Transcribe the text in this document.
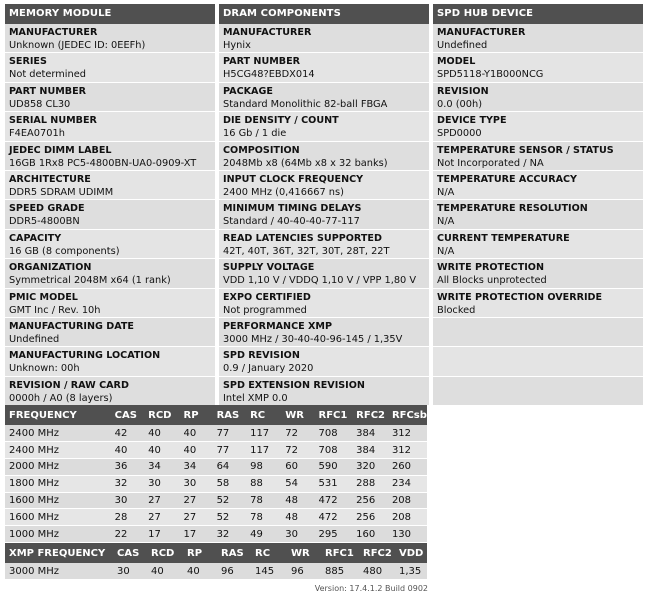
MEMORY MODULE
MANUFACTURER
Unknown (JEDEC ID: 0EEFh)
SERIES
Not determined
PART NUMBER
UD858 CL30
SERIAL NUMBER
F4EA0701h
JEDEC DIMM LABEL
16GB 1Rx8 PC5-4800BN-UA0-0909-XT
ARCHITECTURE
DDR5 SDRAM UDIMM
SPEED GRADE
DDR5-4800BN
CAPACITY
16 GB (8 components)
ORGANIZATION
Symmetrical 2048M x64 (1 rank)
PMIC MODEL
GMT Inc / Rev. 10h
MANUFACTURING DATE
Undefined
MANUFACTURING LOCATION
Unknown: 00h
REVISION / RAW CARD
0000h / A0 (8 layers)
DRAM COMPONENTS
MANUFACTURER
Hynix
PART NUMBER
H5CG48?EBDX014
PACKAGE
Standard Monolithic 82-ball FBGA
DIE DENSITY / COUNT
16 Gb / 1 die
COMPOSITION
2048Mb x8 (64Mb x8 x 32 banks)
INPUT CLOCK FREQUENCY
2400 MHz (0,416667 ns)
MINIMUM TIMING DELAYS
Standard / 40-40-40-77-117
READ LATENCIES SUPPORTED
42T, 40T, 36T, 32T, 30T, 28T, 22T
SUPPLY VOLTAGE
VDD 1,10 V / VDDQ 1,10 V / VPP 1,80 V
EXPO CERTIFIED
Not programmed
PERFORMANCE XMP
3000 MHz / 30-40-40-96-145 / 1,35V
SPD REVISION
0.9 / January 2020
SPD EXTENSION REVISION
Intel XMP 0.0
SPD HUB DEVICE
MANUFACTURER
Undefined
MODEL
SPD5118-Y1B000NCG
REVISION
0.0 (00h)
DEVICE TYPE
SPD0000
TEMPERATURE SENSOR / STATUS
Not Incorporated / NA
TEMPERATURE ACCURACY
N/A
TEMPERATURE RESOLUTION
N/A
CURRENT TEMPERATURE
N/A
WRITE PROTECTION
All Blocks unprotected
WRITE PROTECTION OVERRIDE
Blocked
FREQUENCY	CAS	RCD	RP	RAS	RC	WR	RFC1	RFC2	RFCsb
2400 MHz	42	40	40	77	117	72	708	384	312
2400 MHz	40	40	40	77	117	72	708	384	312
2000 MHz	36	34	34	64	98	60	590	320	260
1800 MHz	32	30	30	58	88	54	531	288	234
1600 MHz	30	27	27	52	78	48	472	256	208
1600 MHz	28	27	27	52	78	48	472	256	208
1000 MHz	22	17	17	32	49	30	295	160	130
XMP FREQUENCY	CAS	RCD	RP	RAS	RC	WR	RFC1	RFC2	VDD
3000 MHz	30	40	40	96	145	96	885	480	1,35
Version: 17.4.1.2 Build 0902
